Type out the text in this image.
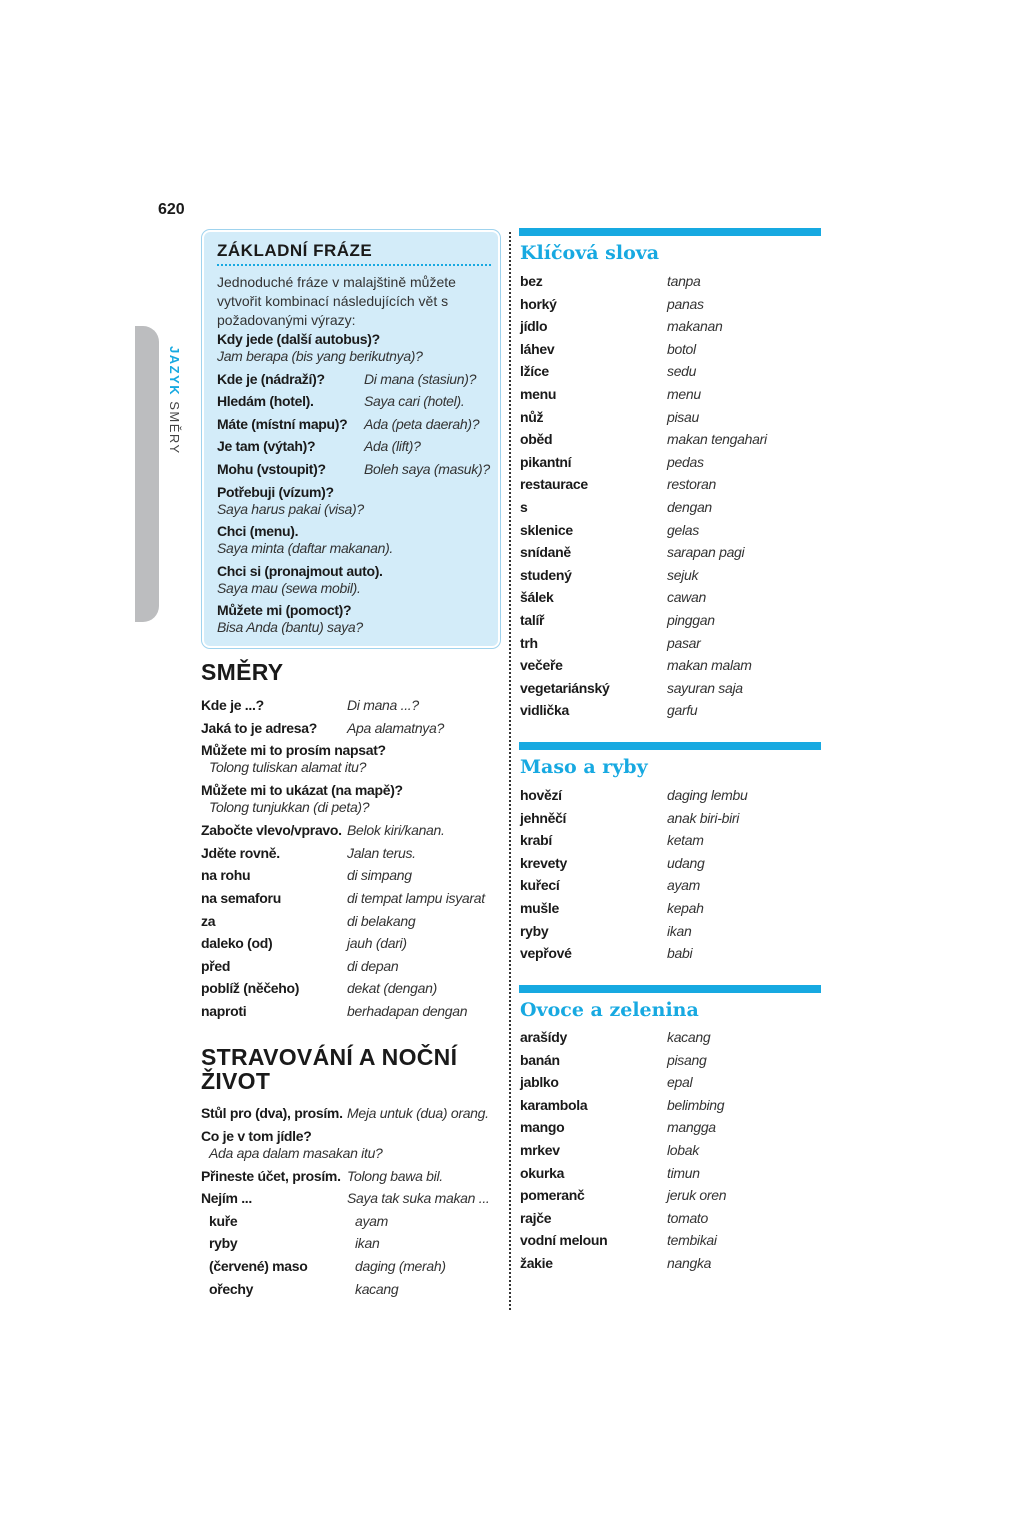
620
JAZYK SMĚRY
ZÁKLADNÍ FRÁZE
Jednoduché fráze v malajštině můžete vytvořit kombinací následujících vět s požadovanými výrazy:
Kdy jede (další autobus)?
Jam berapa (bis yang berikutnya)?
Kde je (nádraží)?	Di mana (stasiun)?
Hledám (hotel).	Saya cari (hotel).
Máte (místní mapu)? Ada (peta daerah)?
Je tam (výtah)?	Ada (lift)?
Mohu (vstoupit)?	Boleh saya (masuk)?
Potřebuji (vízum)?
Saya harus pakai (visa)?
Chci (menu).
Saya minta (daftar makanan).
Chci si (pronajmout auto).
Saya mau (sewa mobil).
Můžete mi (pomoct)?
Bisa Anda (bantu) saya?
SMĚRY
Kde je ...?	Di mana ...?
Jaká to je adresa? Apa alamatnya?
Můžete mi to prosím napsat?
Tolong tuliskan alamat itu?
Můžete mi to ukázat (na mapě)?
Tolong tunjukkan (di peta)?
Zabočte vlevo/vpravo. Belok kiri/kanan.
Jděte rovně.	Jalan terus.
na rohu	di simpang
na semaforu	di tempat lampu isyarat
za	di belakang
daleko (od)	jauh (dari)
před	di depan
poblíž (něčeho)	dekat (dengan)
naproti	berhadapan dengan
STRAVOVÁNÍ A NOČNÍ
ŽIVOT
Stůl pro (dva), prosím. Meja untuk (dua) orang.
Co je v tom jídle?
Ada apa dalam masakan itu?
Přineste účet, prosím. Tolong bawa bil.
Nejím ...	Saya tak suka makan ...
kuře	ayam
ryby	ikan
(červené) maso	daging (merah)
ořechy	kacang
Klíčová slova
bez	tanpa
horký	panas
jídlo	makanan
láhev	botol
lžíce	sedu
menu	menu
nůž	pisau
oběd	makan tengahari
pikantní	pedas
restaurace	restoran
s	dengan
sklenice	gelas
snídaně	sarapan pagi
studený	sejuk
šálek	cawan
talíř	pinggan
trh	pasar
večeře	makan malam
vegetariánský	sayuran saja
vidlička	garfu
Maso a ryby
hovězí	daging lembu
jehněčí	anak biri-biri
krabí	ketam
krevety	udang
kuřecí	ayam
mušle	kepah
ryby	ikan
vepřové	babi
Ovoce a zelenina
arašídy	kacang
banán	pisang
jablko	epal
karambola	belimbing
mango	mangga
mrkev	lobak
okurka	timun
pomeranč	jeruk oren
rajče	tomato
vodní meloun	tembikai
žakie	nangka
